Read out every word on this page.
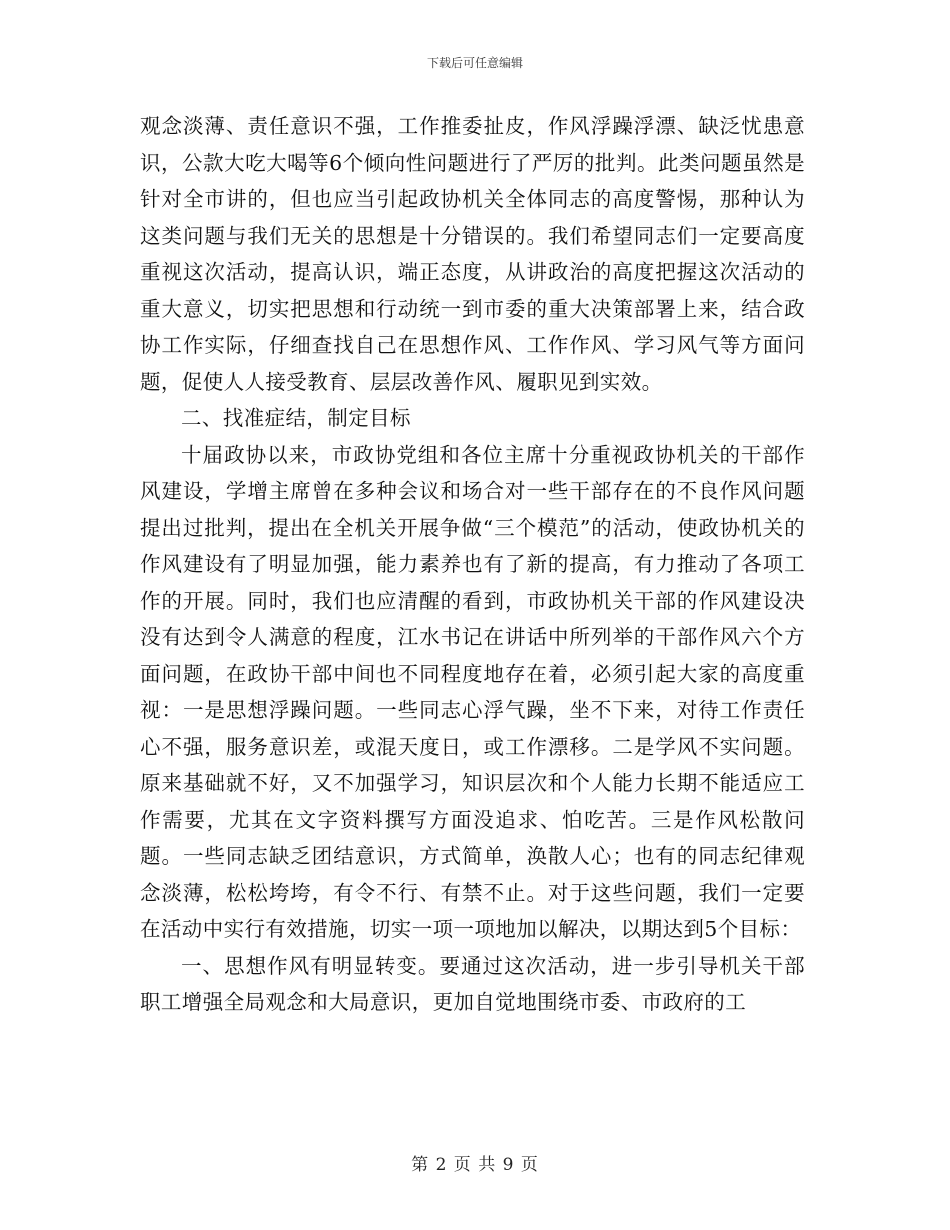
下载后可任意编辑

观念淡薄、责任意识不强，工作推委扯皮，作风浮躁浮漂、缺泛忧患意识，公款大吃大喝等6个倾向性问题进行了严厉的批判。此类问题虽然是针对全市讲的，但也应当引起政协机关全体同志的高度警惕，那种认为这类问题与我们无关的思想是十分错误的。我们希望同志们一定要高度重视这次活动，提高认识，端正态度，从讲政治的高度把握这次活动的重大意义，切实把思想和行动统一到市委的重大决策部署上来，结合政协工作实际，仔细查找自己在思想作风、工作作风、学习风气等方面问题，促使人人接受教育、层层改善作风、履职见到实效。

二、找准症结，制定目标

十届政协以来，市政协党组和各位主席十分重视政协机关的干部作风建设，学增主席曾在多种会议和场合对一些干部存在的不良作风问题提出过批判，提出在全机关开展争做“三个模范”的活动，使政协机关的作风建设有了明显加强，能力素养也有了新的提高，有力推动了各项工作的开展。同时，我们也应清醒的看到，市政协机关干部的作风建设决没有达到令人满意的程度，江水书记在讲话中所列举的干部作风六个方面问题，在政协干部中间也不同程度地存在着，必须引起大家的高度重视：一是思想浮躁问题。一些同志心浮气躁，坐不下来，对待工作责任心不强，服务意识差，或混天度日，或工作漂移。二是学风不实问题。原来基础就不好，又不加强学习，知识层次和个人能力长期不能适应工作需要，尤其在文字资料撰写方面没追求、怕吃苦。三是作风松散问题。一些同志缺乏团结意识，方式简单，涣散人心；也有的同志纪律观念淡薄，松松垮垮，有令不行、有禁不止。对于这些问题，我们一定要在活动中实行有效措施，切实一项一项地加以解决，以期达到5个目标：

一、思想作风有明显转变。要通过这次活动，进一步引导机关干部职工增强全局观念和大局意识，更加自觉地围绕市委、市政府的工

第 2 页 共 9 页
